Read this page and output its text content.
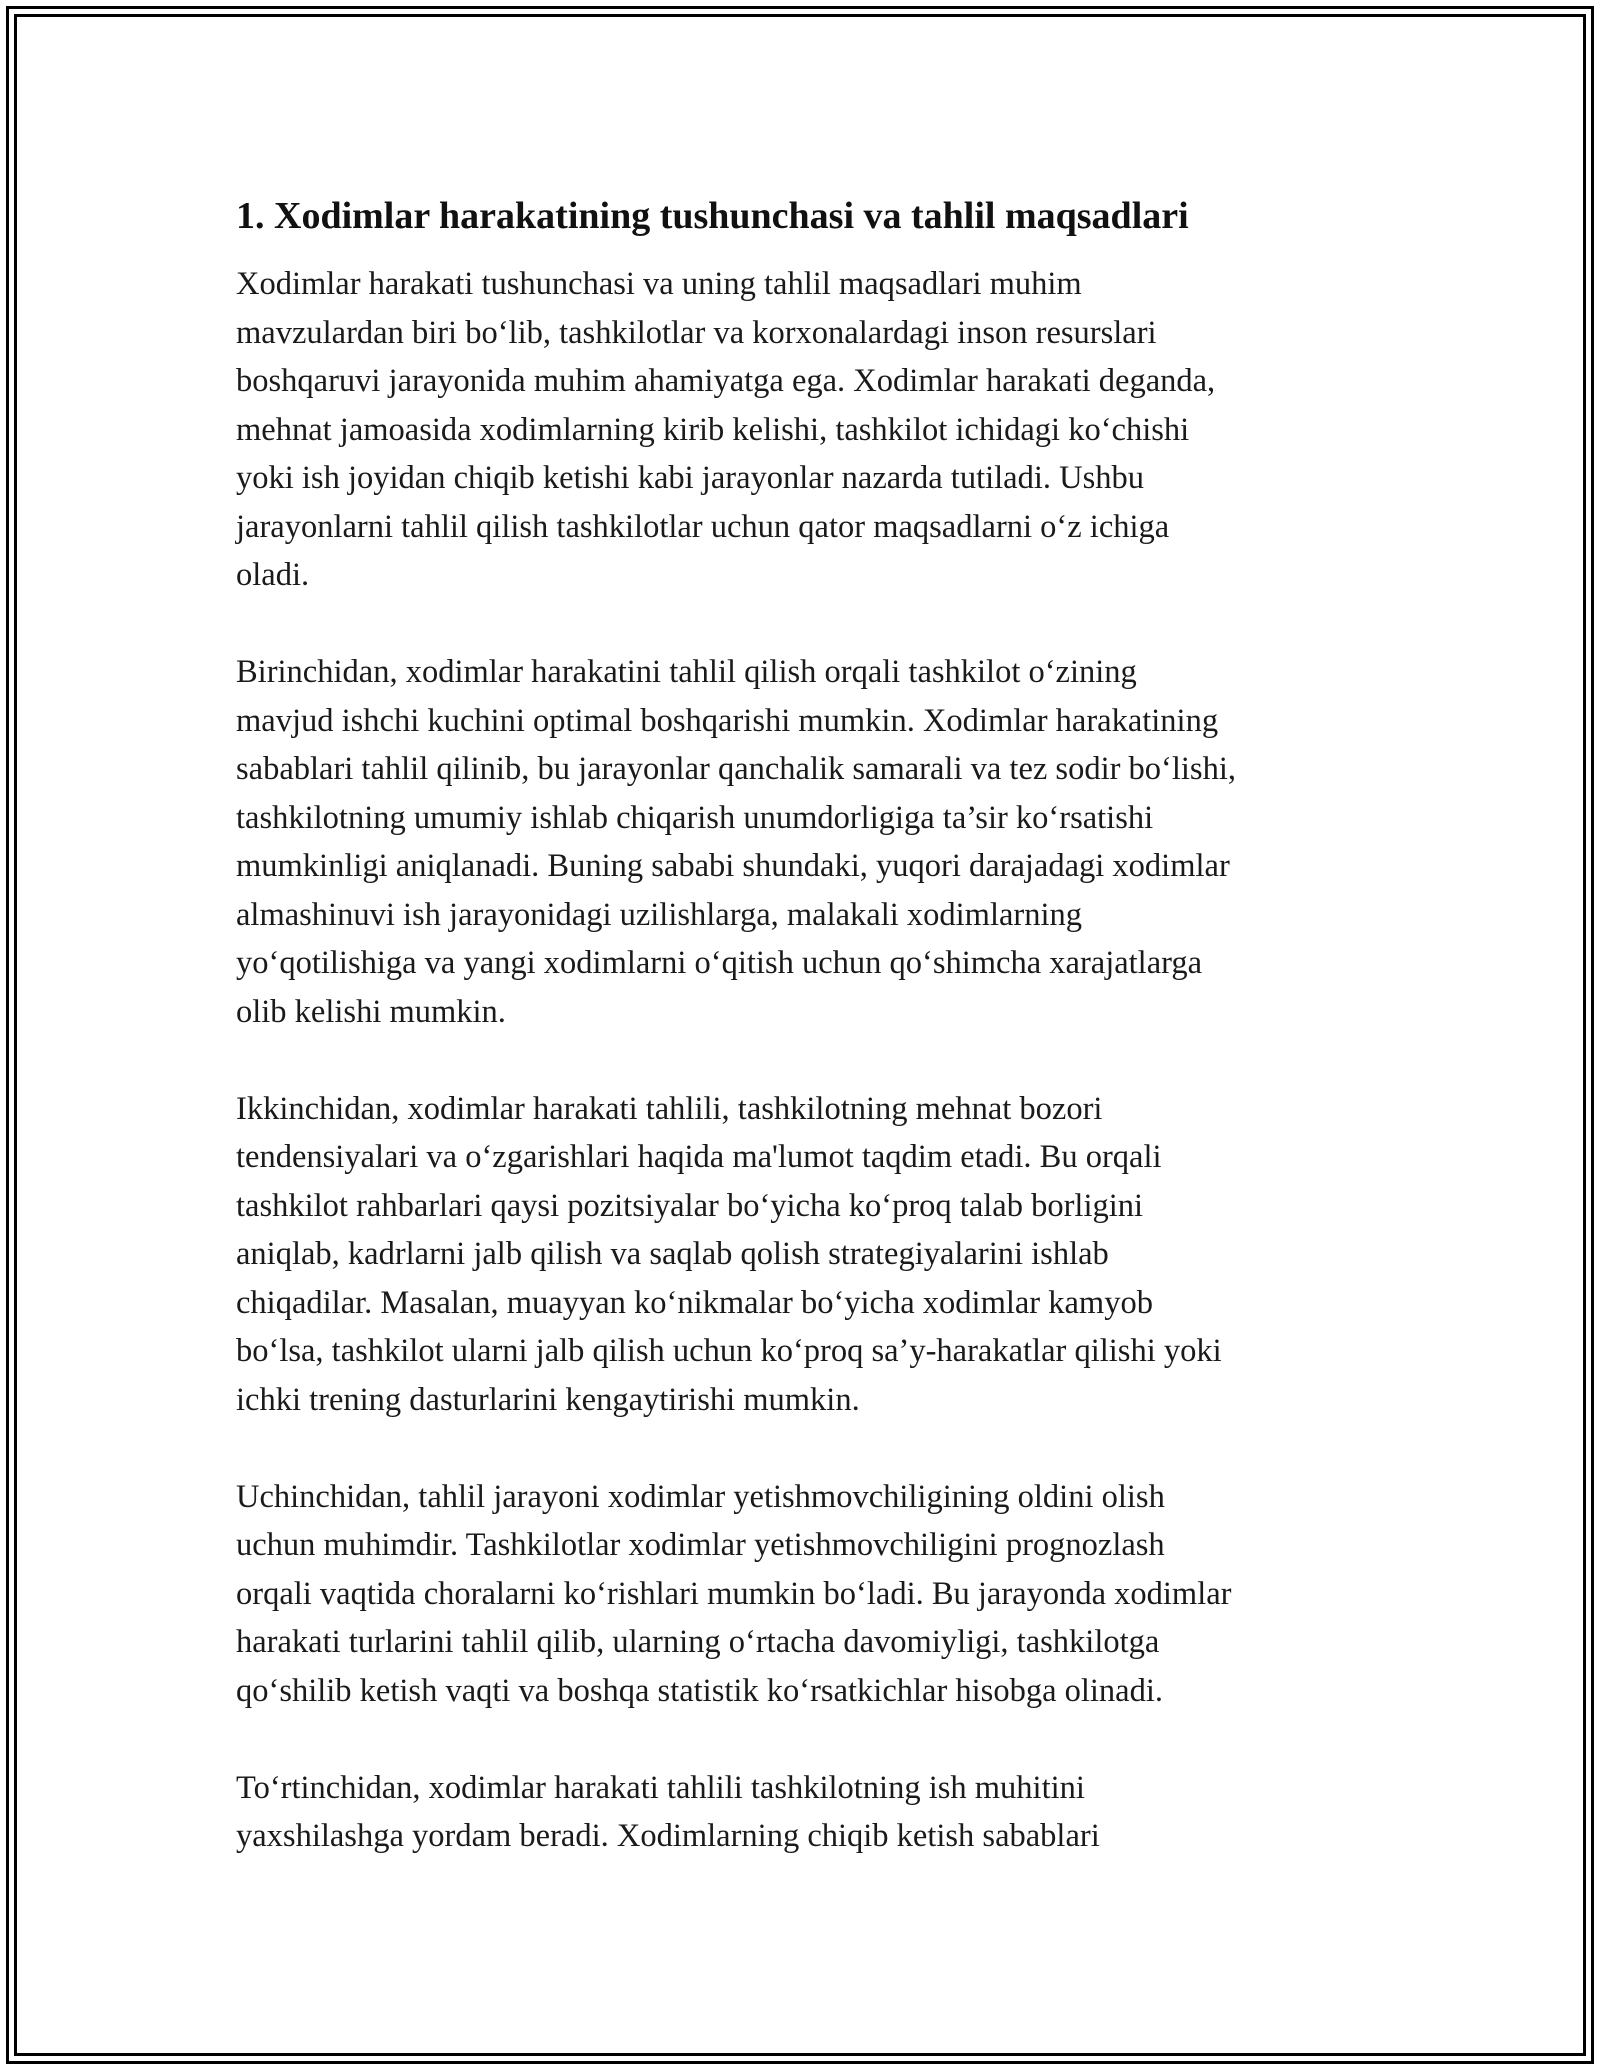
1. Xodimlar harakatining tushunchasi va tahlil maqsadlari

Xodimlar harakati tushunchasi va uning tahlil maqsadlari muhim
mavzulardan biri bo‘lib, tashkilotlar va korxonalardagi inson resurslari
boshqaruvi jarayonida muhim ahamiyatga ega. Xodimlar harakati deganda,
mehnat jamoasida xodimlarning kirib kelishi, tashkilot ichidagi ko‘chishi
yoki ish joyidan chiqib ketishi kabi jarayonlar nazarda tutiladi. Ushbu
jarayonlarni tahlil qilish tashkilotlar uchun qator maqsadlarni o‘z ichiga
oladi.

Birinchidan, xodimlar harakatini tahlil qilish orqali tashkilot o‘zining
mavjud ishchi kuchini optimal boshqarishi mumkin. Xodimlar harakatining
sabablari tahlil qilinib, bu jarayonlar qanchalik samarali va tez sodir bo‘lishi,
tashkilotning umumiy ishlab chiqarish unumdorligiga ta’sir ko‘rsatishi
mumkinligi aniqlanadi. Buning sababi shundaki, yuqori darajadagi xodimlar
almashinuvi ish jarayonidagi uzilishlarga, malakali xodimlarning
yo‘qotilishiga va yangi xodimlarni o‘qitish uchun qo‘shimcha xarajatlarga
olib kelishi mumkin.

Ikkinchidan, xodimlar harakati tahlili, tashkilotning mehnat bozori
tendensiyalari va o‘zgarishlari haqida ma'lumot taqdim etadi. Bu orqali
tashkilot rahbarlari qaysi pozitsiyalar bo‘yicha ko‘proq talab borligini
aniqlab, kadrlarni jalb qilish va saqlab qolish strategiyalarini ishlab
chiqadilar. Masalan, muayyan ko‘nikmalar bo‘yicha xodimlar kamyob
bo‘lsa, tashkilot ularni jalb qilish uchun ko‘proq sa’y-harakatlar qilishi yoki
ichki trening dasturlarini kengaytirishi mumkin.

Uchinchidan, tahlil jarayoni xodimlar yetishmovchiligining oldini olish
uchun muhimdir. Tashkilotlar xodimlar yetishmovchiligini prognozlash
orqali vaqtida choralarni ko‘rishlari mumkin bo‘ladi. Bu jarayonda xodimlar
harakati turlarini tahlil qilib, ularning o‘rtacha davomiyligi, tashkilotga
qo‘shilib ketish vaqti va boshqa statistik ko‘rsatkichlar hisobga olinadi.

To‘rtinchidan, xodimlar harakati tahlili tashkilotning ish muhitini
yaxshilashga yordam beradi. Xodimlarning chiqib ketish sabablari
